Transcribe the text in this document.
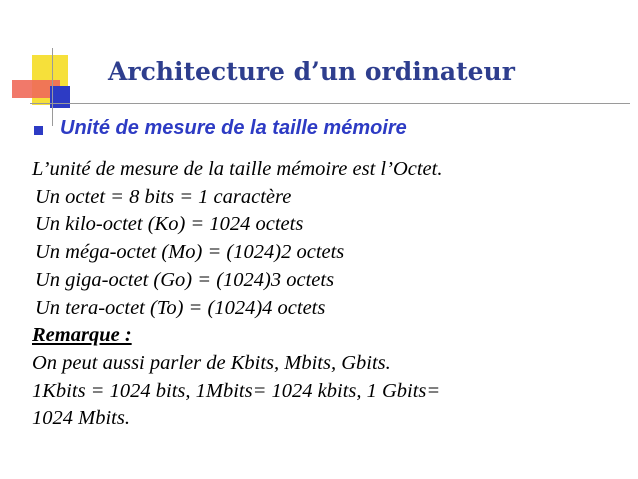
Architecture d’un ordinateur
Unité de mesure de la taille mémoire
L’unité de mesure de la taille mémoire est l’Octet.
Un octet = 8 bits = 1 caractère
Un kilo-octet (Ko) = 1024 octets
Un méga-octet (Mo) = (1024)2 octets
Un giga-octet (Go) = (1024)3 octets
Un tera-octet (To) = (1024)4 octets
Remarque :
On peut aussi parler de Kbits, Mbits, Gbits.
1Kbits = 1024 bits, 1Mbits= 1024 kbits, 1 Gbits=
1024 Mbits.
